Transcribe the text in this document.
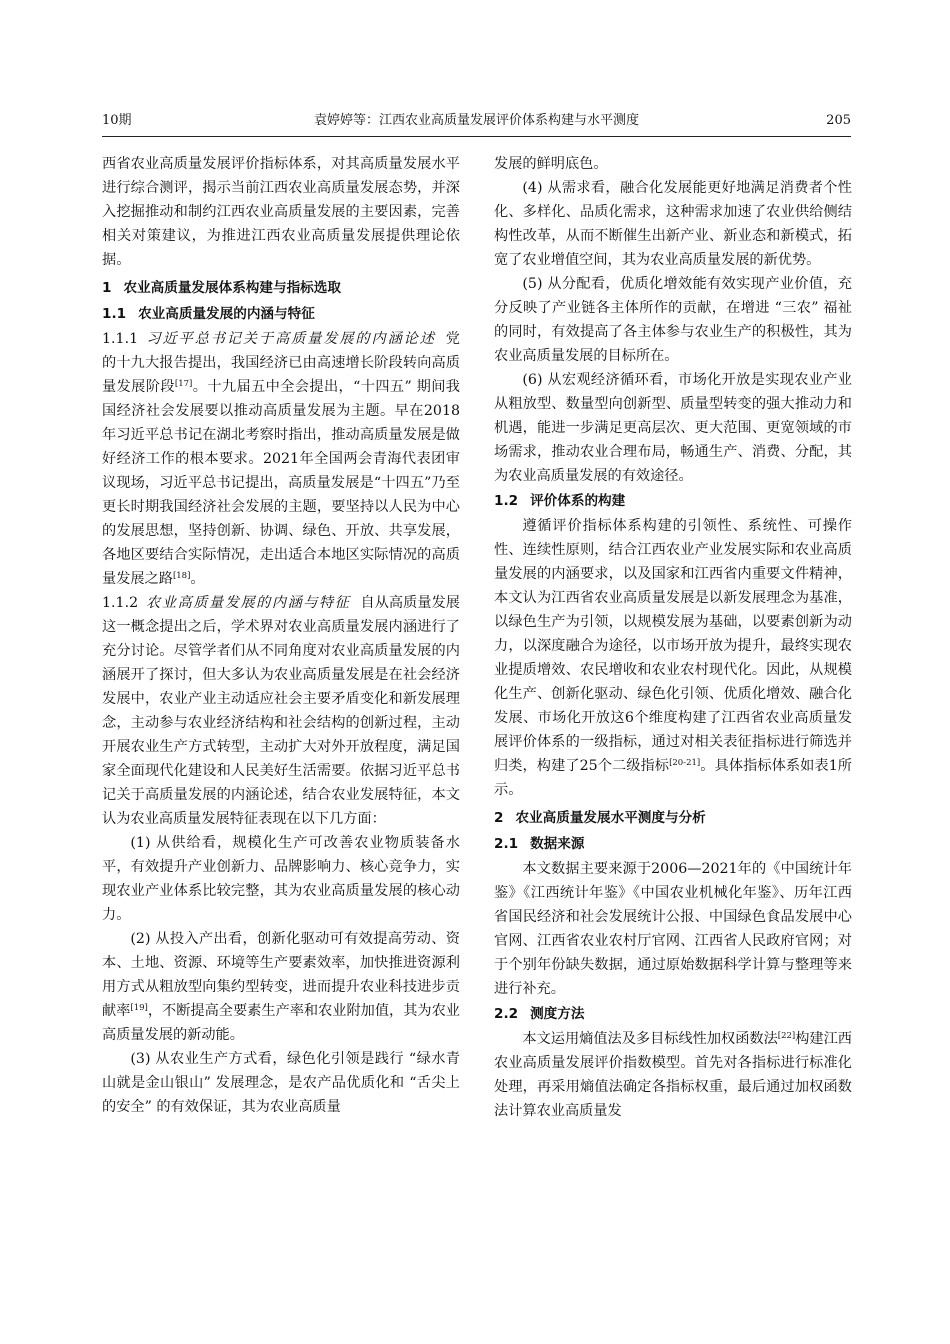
10期	袁婷婷等：江西农业高质量发展评价体系构建与水平测度	205

西省农业高质量发展评价指标体系，对其高质量发展水平进行综合测评，揭示当前江西农业高质量发展态势，并深入挖掘推动和制约江西农业高质量发展的主要因素，完善相关对策建议，为推进江西农业高质量发展提供理论依据。

1 农业高质量发展体系构建与指标选取
1.1 农业高质量发展的内涵与特征

1.1.1 习近平总书记关于高质量发展的内涵论述 党的十九大报告提出，我国经济已由高速增长阶段转向高质量发展阶段[17]。十九届五中全会提出，“十四五” 期间我国经济社会发展要以推动高质量发展为主题。早在2018年习近平总书记在湖北考察时指出，推动高质量发展是做好经济工作的根本要求。2021年全国两会青海代表团审议现场，习近平总书记提出，高质量发展是“十四五”乃至更长时期我国经济社会发展的主题，要坚持以人民为中心的发展思想，坚持创新、协调、绿色、开放、共享发展，各地区要结合实际情况，走出适合本地区实际情况的高质量发展之路[18]。

1.1.2 农业高质量发展的内涵与特征 自从高质量发展这一概念提出之后，学术界对农业高质量发展内涵进行了充分讨论。尽管学者们从不同角度对农业高质量发展的内涵展开了探讨，但大多认为农业高质量发展是在社会经济发展中，农业产业主动适应社会主要矛盾变化和新发展理念，主动参与农业经济结构和社会结构的创新过程，主动开展农业生产方式转型，主动扩大对外开放程度，满足国家全面现代化建设和人民美好生活需要。依据习近平总书记关于高质量发展的内涵论述，结合农业发展特征，本文认为农业高质量发展特征表现在以下几方面：

(1) 从供给看，规模化生产可改善农业物质装备水平，有效提升产业创新力、品牌影响力、核心竞争力，实现农业产业体系比较完整，其为农业高质量发展的核心动力。

(2) 从投入产出看，创新化驱动可有效提高劳动、资本、土地、资源、环境等生产要素效率，加快推进资源利用方式从粗放型向集约型转变，进而提升农业科技进步贡献率[19]，不断提高全要素生产率和农业附加值，其为农业高质量发展的新动能。

(3) 从农业生产方式看，绿色化引领是践行 “绿水青山就是金山银山” 发展理念，是农产品优质化和 “舌尖上的安全” 的有效保证，其为农业高质量

发展的鲜明底色。

(4) 从需求看，融合化发展能更好地满足消费者个性化、多样化、品质化需求，这种需求加速了农业供给侧结构性改革，从而不断催生出新产业、新业态和新模式，拓宽了农业增值空间，其为农业高质量发展的新优势。

(5) 从分配看，优质化增效能有效实现产业价值，充分反映了产业链各主体所作的贡献，在增进 “三农” 福祉的同时，有效提高了各主体参与农业生产的积极性，其为农业高质量发展的目标所在。

(6) 从宏观经济循环看，市场化开放是实现农业产业从粗放型、数量型向创新型、质量型转变的强大推动力和机遇，能进一步满足更高层次、更大范围、更宽领域的市场需求，推动农业合理布局，畅通生产、消费、分配，其为农业高质量发展的有效途径。

1.2 评价体系的构建

遵循评价指标体系构建的引领性、系统性、可操作性、连续性原则，结合江西农业产业发展实际和农业高质量发展的内涵要求，以及国家和江西省内重要文件精神，本文认为江西省农业高质量发展是以新发展理念为基准，以绿色生产为引领，以规模发展为基础，以要素创新为动力，以深度融合为途径，以市场开放为提升，最终实现农业提质增效、农民增收和农业农村现代化。因此，从规模化生产、创新化驱动、绿色化引领、优质化增效、融合化发展、市场化开放这6个维度构建了江西省农业高质量发展评价体系的一级指标，通过对相关表征指标进行筛选并归类，构建了25个二级指标[20-21]。具体指标体系如表1所示。

2 农业高质量发展水平测度与分析
2.1 数据来源

本文数据主要来源于2006—2021年的《中国统计年鉴》《江西统计年鉴》《中国农业机械化年鉴》、历年江西省国民经济和社会发展统计公报、中国绿色食品发展中心官网、江西省农业农村厅官网、江西省人民政府官网；对于个别年份缺失数据，通过原始数据科学计算与整理等来进行补充。

2.2 测度方法

本文运用熵值法及多目标线性加权函数法[22]构建江西农业高质量发展评价指数模型。首先对各指标进行标准化处理，再采用熵值法确定各指标权重，最后通过加权函数法计算农业高质量发
